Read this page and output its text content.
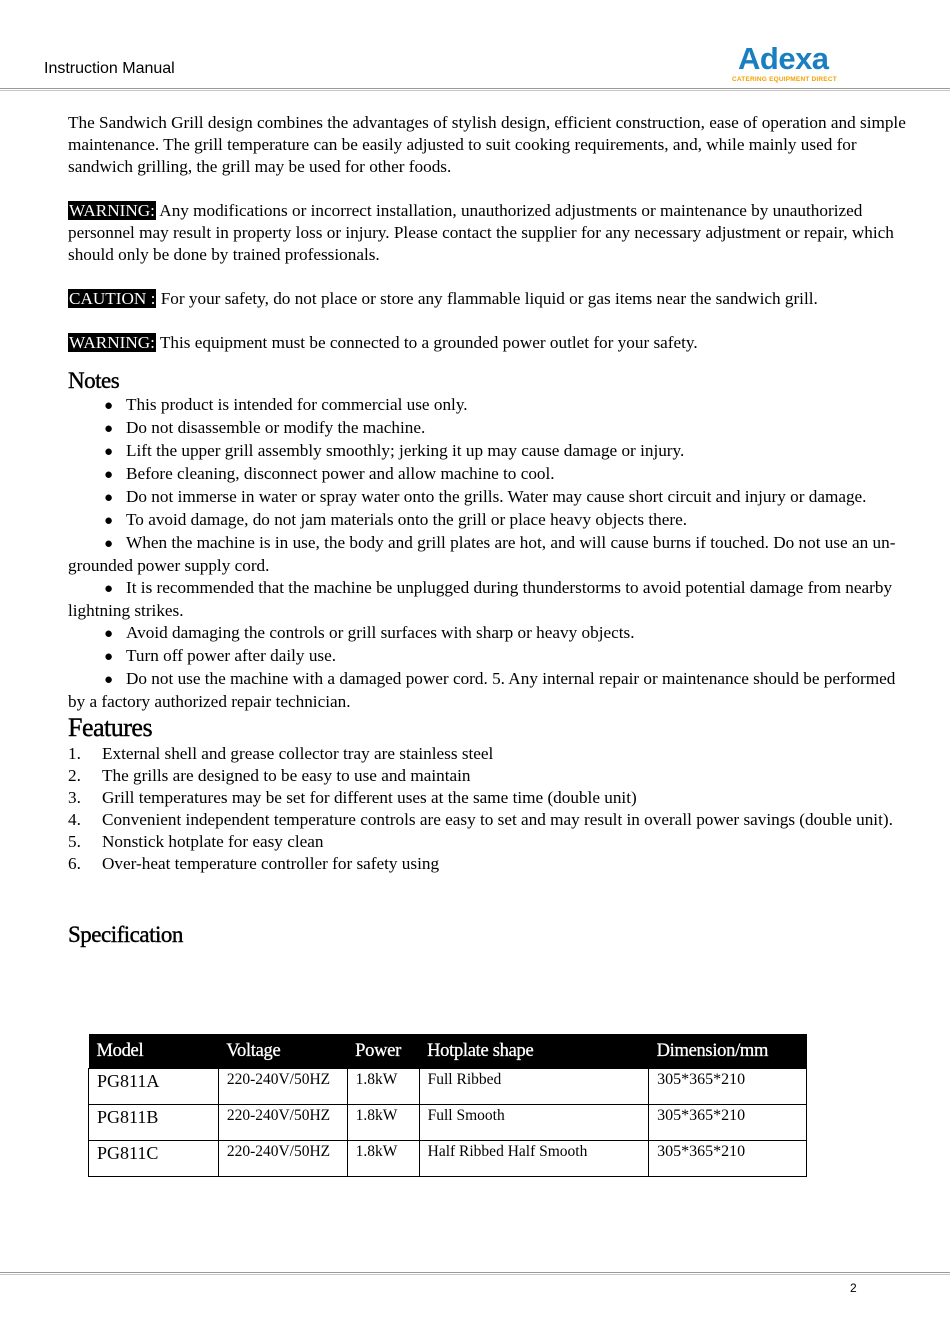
Instruction Manual	Adexa
CATERING EQUIPMENT DIRECT

The Sandwich Grill design combines the advantages of stylish design, efficient construction, ease of operation and simple maintenance. The grill temperature can be easily adjusted to suit cooking requirements, and, while mainly used for sandwich grilling, the grill may be used for other foods.

WARNING: Any modifications or incorrect installation, unauthorized adjustments or maintenance by unauthorized personnel may result in property loss or injury. Please contact the supplier for any necessary adjustment or repair, which should only be done by trained professionals.

CAUTION : For your safety, do not place or store any flammable liquid or gas items near the sandwich grill.

WARNING: This equipment must be connected to a grounded power outlet for your safety.

Notes
● This product is intended for commercial use only.
● Do not disassemble or modify the machine.
● Lift the upper grill assembly smoothly; jerking it up may cause damage or injury.
● Before cleaning, disconnect power and allow machine to cool.
● Do not immerse in water or spray water onto the grills. Water may cause short circuit and injury or damage.
● To avoid damage, do not jam materials onto the grill or place heavy objects there.
● When the machine is in use, the body and grill plates are hot, and will cause burns if touched. Do not use an un-grounded power supply cord.
● It is recommended that the machine be unplugged during thunderstorms to avoid potential damage from nearby lightning strikes.
● Avoid damaging the controls or grill surfaces with sharp or heavy objects.
● Turn off power after daily use.
● Do not use the machine with a damaged power cord. 5. Any internal repair or maintenance should be performed by a factory authorized repair technician.
Features
1.	External shell and grease collector tray are stainless steel
2.	The grills are designed to be easy to use and maintain
3.	Grill temperatures may be set for different uses at the same time (double unit)
4.	Convenient independent temperature controls are easy to set and may result in overall power savings (double unit).
5.	Nonstick hotplate for easy clean
6.	Over-heat temperature controller for safety using
Specification
Model	Voltage	Power	Hotplate shape	Dimension/mm
PG811A	220-240V/50HZ	1.8kW	Full Ribbed	305*365*210
PG811B	220-240V/50HZ	1.8kW	Full Smooth	305*365*210
PG811C	220-240V/50HZ	1.8kW	Half Ribbed Half Smooth	305*365*210
2
